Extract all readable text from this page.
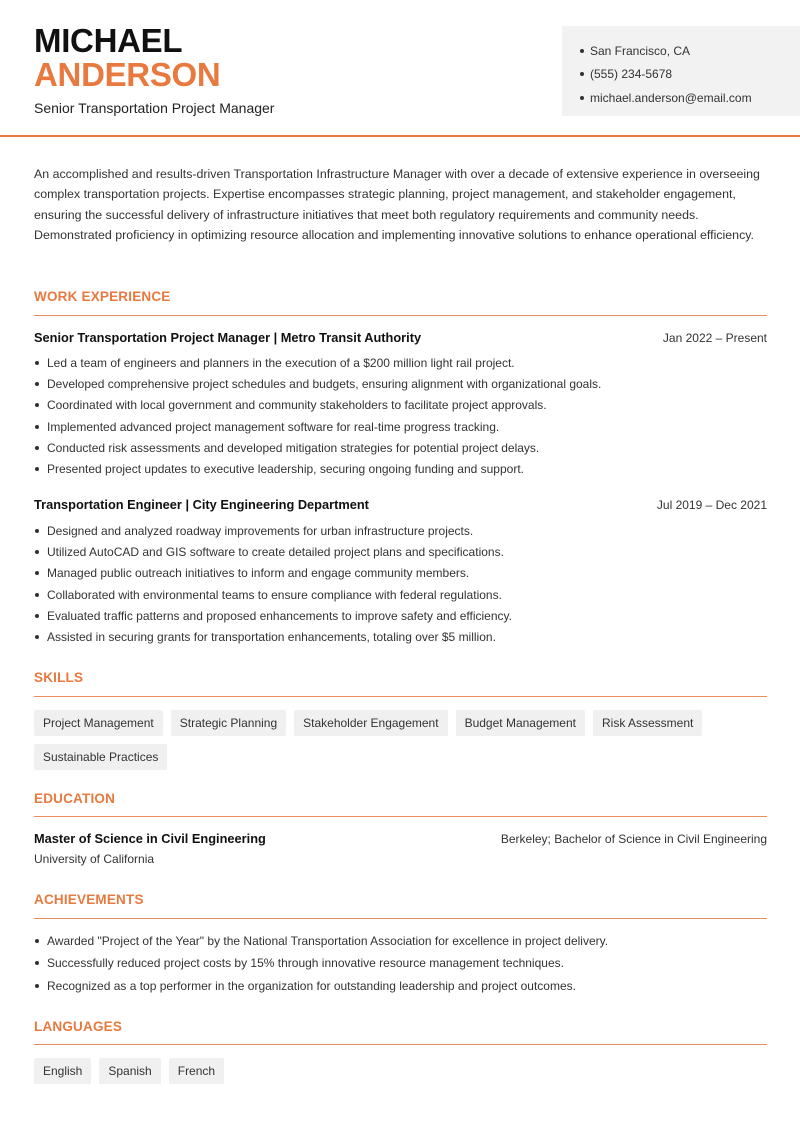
MICHAEL
ANDERSON
Senior Transportation Project Manager
San Francisco, CA
(555) 234-5678
michael.anderson@email.com

An accomplished and results-driven Transportation Infrastructure Manager with over a decade of extensive experience in overseeing complex transportation projects. Expertise encompasses strategic planning, project management, and stakeholder engagement, ensuring the successful delivery of infrastructure initiatives that meet both regulatory requirements and community needs. Demonstrated proficiency in optimizing resource allocation and implementing innovative solutions to enhance operational efficiency.

WORK EXPERIENCE
Senior Transportation Project Manager | Metro Transit Authority	Jan 2022 – Present
Led a team of engineers and planners in the execution of a $200 million light rail project.
Developed comprehensive project schedules and budgets, ensuring alignment with organizational goals.
Coordinated with local government and community stakeholders to facilitate project approvals.
Implemented advanced project management software for real-time progress tracking.
Conducted risk assessments and developed mitigation strategies for potential project delays.
Presented project updates to executive leadership, securing ongoing funding and support.
Transportation Engineer | City Engineering Department	Jul 2019 – Dec 2021
Designed and analyzed roadway improvements for urban infrastructure projects.
Utilized AutoCAD and GIS software to create detailed project plans and specifications.
Managed public outreach initiatives to inform and engage community members.
Collaborated with environmental teams to ensure compliance with federal regulations.
Evaluated traffic patterns and proposed enhancements to improve safety and efficiency.
Assisted in securing grants for transportation enhancements, totaling over $5 million.
SKILLS
Project Management	Strategic Planning	Stakeholder Engagement	Budget Management	Risk Assessment
Sustainable Practices
EDUCATION
Master of Science in Civil Engineering	Berkeley; Bachelor of Science in Civil Engineering
University of California
ACHIEVEMENTS
Awarded "Project of the Year" by the National Transportation Association for excellence in project delivery.
Successfully reduced project costs by 15% through innovative resource management techniques.
Recognized as a top performer in the organization for outstanding leadership and project outcomes.
LANGUAGES
English	Spanish	French
